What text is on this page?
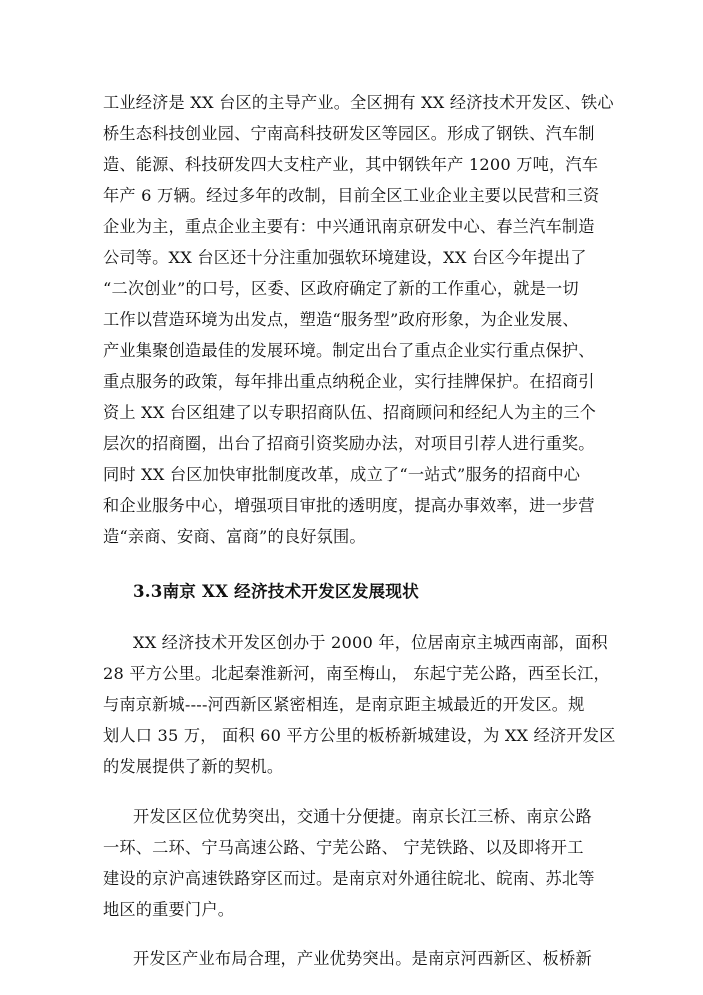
工业经济是 XX 台区的主导产业。全区拥有 XX 经济技术开发区、铁心
桥生态科技创业园、宁南高科技研发区等园区。形成了钢铁、汽车制
造、能源、科技研发四大支柱产业，其中钢铁年产 1200 万吨，汽车
年产 6 万辆。经过多年的改制，目前全区工业企业主要以民营和三资
企业为主，重点企业主要有：中兴通讯南京研发中心、春兰汽车制造
公司等。XX 台区还十分注重加强软环境建设，XX 台区今年提出了
“二次创业”的口号，区委、区政府确定了新的工作重心，就是一切
工作以营造环境为出发点，塑造“服务型”政府形象，为企业发展、
产业集聚创造最佳的发展环境。制定出台了重点企业实行重点保护、
重点服务的政策，每年排出重点纳税企业，实行挂牌保护。在招商引
资上 XX 台区组建了以专职招商队伍、招商顾问和经纪人为主的三个
层次的招商圈，出台了招商引资奖励办法，对项目引荐人进行重奖。
同时 XX 台区加快审批制度改革，成立了“一站式”服务的招商中心
和企业服务中心，增强项目审批的透明度，提高办事效率，进一步营
造“亲商、安商、富商”的良好氛围。
3.3南京 XX 经济技术开发区发展现状
XX 经济技术开发区创办于 2000 年，位居南京主城西南部，面积
28 平方公里。北起秦淮新河，南至梅山， 东起宁芜公路，西至长江，
与南京新城----河西新区紧密相连，是南京距主城最近的开发区。规
划人口 35 万， 面积 60 平方公里的板桥新城建设，为 XX 经济开发区
的发展提供了新的契机。
开发区区位优势突出，交通十分便捷。南京长江三桥、南京公路
一环、二环、宁马高速公路、宁芜公路、 宁芜铁路、以及即将开工
建设的京沪高速铁路穿区而过。是南京对外通往皖北、皖南、苏北等
地区的重要门户。
开发区产业布局合理，产业优势突出。是南京河西新区、板桥新
